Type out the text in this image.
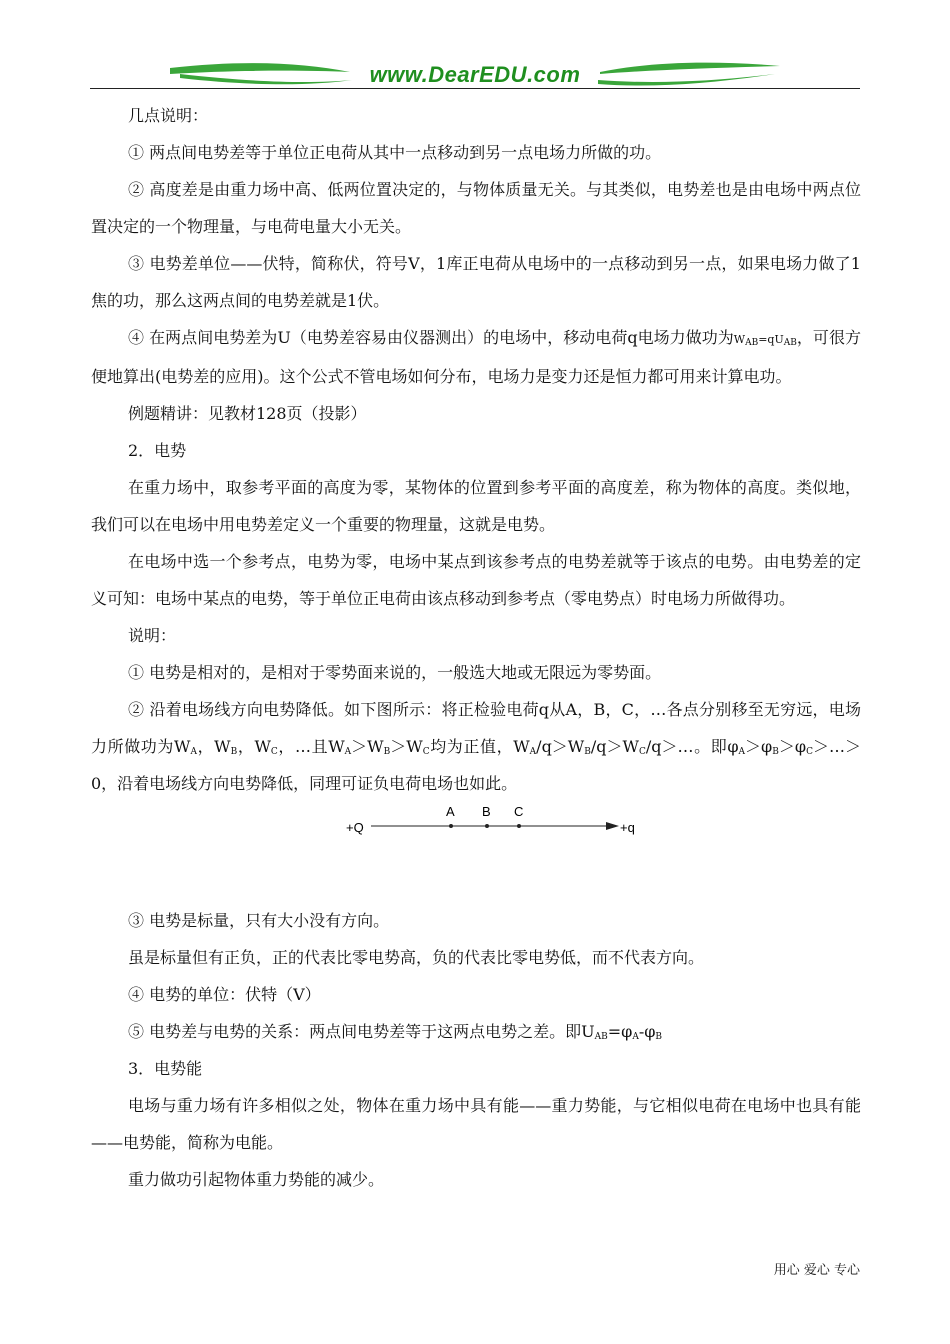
www.DearEDU.com

几点说明：

① 两点间电势差等于单位正电荷从其中一点移动到另一点电场力所做的功。

② 高度差是由重力场中高、低两位置决定的，与物体质量无关。与其类似，电势差也是由电场中两点位置决定的一个物理量，与电荷电量大小无关。

③ 电势差单位——伏特，简称伏，符号V，1库正电荷从电场中的一点移动到另一点，如果电场力做了1焦的功，那么这两点间的电势差就是1伏。

④ 在两点间电势差为U（电势差容易由仪器测出）的电场中，移动电荷q电场力做功为$W_{AB}=qU_{AB}$，可很方便地算出(电势差的应用)。这个公式不管电场如何分布，电场力是变力还是恒力都可用来计算电功。

例题精讲：见教材128页（投影）

2．电势

在重力场中，取参考平面的高度为零，某物体的位置到参考平面的高度差，称为物体的高度。类似地，我们可以在电场中用电势差定义一个重要的物理量，这就是电势。

在电场中选一个参考点，电势为零，电场中某点到该参考点的电势差就等于该点的电势。由电势差的定义可知：电场中某点的电势，等于单位正电荷由该点移动到参考点（零电势点）时电场力所做得功。

说明：

① 电势是相对的，是相对于零势面来说的，一般选大地或无限远为零势面。

② 沿着电场线方向电势降低。如下图所示：将正检验电荷q从A，B，C，…各点分别移至无穷远，电场力所做功为$W_A$，$W_B$，$W_C$，…且$W_A>W_B>W_C$均为正值，$W_A/q>W_B/q>W_C/q>\dots$。即$\varphi_A>\varphi_B>\varphi_C>\dots>0$，沿着电场线方向电势降低，同理可证负电荷电场也如此。

+Q	+q
A B C

③ 电势是标量，只有大小没有方向。

虽是标量但有正负，正的代表比零电势高，负的代表比零电势低，而不代表方向。

④ 电势的单位：伏特（V）

⑤ 电势差与电势的关系：两点间电势差等于这两点电势之差。即$U_{AB}=\varphi_A-\varphi_B$

3．电势能

电场与重力场有许多相似之处，物体在重力场中具有能——重力势能，与它相似电荷在电场中也具有能——电势能，简称为电能。

重力做功引起物体重力势能的减少。

用心 爱心 专心
